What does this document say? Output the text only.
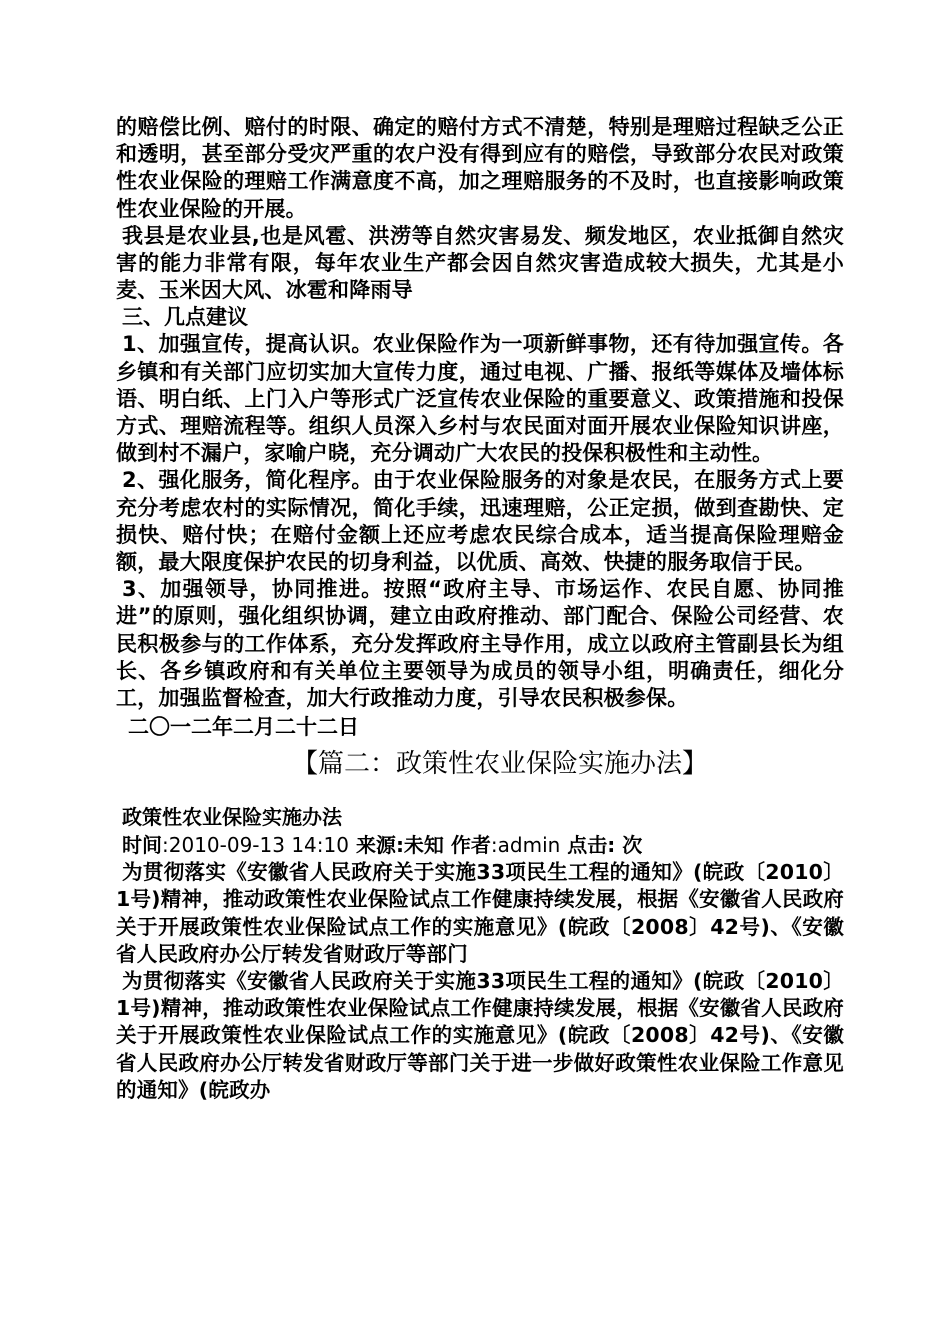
的赔偿比例、赔付的时限、确定的赔付方式不清楚，特别是理赔过程缺乏公正和透明，甚至部分受灾严重的农户没有得到应有的赔偿，导致部分农民对政策性农业保险的理赔工作满意度不高，加之理赔服务的不及时，也直接影响政策性农业保险的开展。

我县是农业县,也是风雹、洪涝等自然灾害易发、频发地区，农业抵御自然灾害的能力非常有限，每年农业生产都会因自然灾害造成较大损失，尤其是小麦、玉米因大风、冰雹和降雨导

三、几点建议

1、加强宣传，提高认识。农业保险作为一项新鲜事物，还有待加强宣传。各乡镇和有关部门应切实加大宣传力度，通过电视、广播、报纸等媒体及墙体标语、明白纸、上门入户等形式广泛宣传农业保险的重要意义、政策措施和投保方式、理赔流程等。组织人员深入乡村与农民面对面开展农业保险知识讲座，做到村不漏户，家喻户晓，充分调动广大农民的投保积极性和主动性。

2、强化服务，简化程序。由于农业保险服务的对象是农民，在服务方式上要充分考虑农村的实际情况，简化手续，迅速理赔，公正定损，做到查勘快、定损快、赔付快；在赔付金额上还应考虑农民综合成本，适当提高保险理赔金额，最大限度保护农民的切身利益，以优质、高效、快捷的服务取信于民。

3、加强领导，协同推进。按照“政府主导、市场运作、农民自愿、协同推进”的原则，强化组织协调，建立由政府推动、部门配合、保险公司经营、农民积极参与的工作体系，充分发挥政府主导作用，成立以政府主管副县长为组长、各乡镇政府和有关单位主要领导为成员的领导小组，明确责任，细化分工，加强监督检查，加大行政推动力度，引导农民积极参保。

二〇一二年二月二十二日

【篇二：政策性农业保险实施办法】

政策性农业保险实施办法

时间:2010-09-13 14:10 来源:未知 作者:admin 点击: 次

为贯彻落实《安徽省人民政府关于实施33项民生工程的通知》(皖政〔2010〕1号)精神，推动政策性农业保险试点工作健康持续发展，根据《安徽省人民政府关于开展政策性农业保险试点工作的实施意见》(皖政〔2008〕42号)、《安徽省人民政府办公厅转发省财政厅等部门

为贯彻落实《安徽省人民政府关于实施33项民生工程的通知》(皖政〔2010〕1号)精神，推动政策性农业保险试点工作健康持续发展，根据《安徽省人民政府关于开展政策性农业保险试点工作的实施意见》(皖政〔2008〕42号)、《安徽省人民政府办公厅转发省财政厅等部门关于进一步做好政策性农业保险工作意见的通知》(皖政办
